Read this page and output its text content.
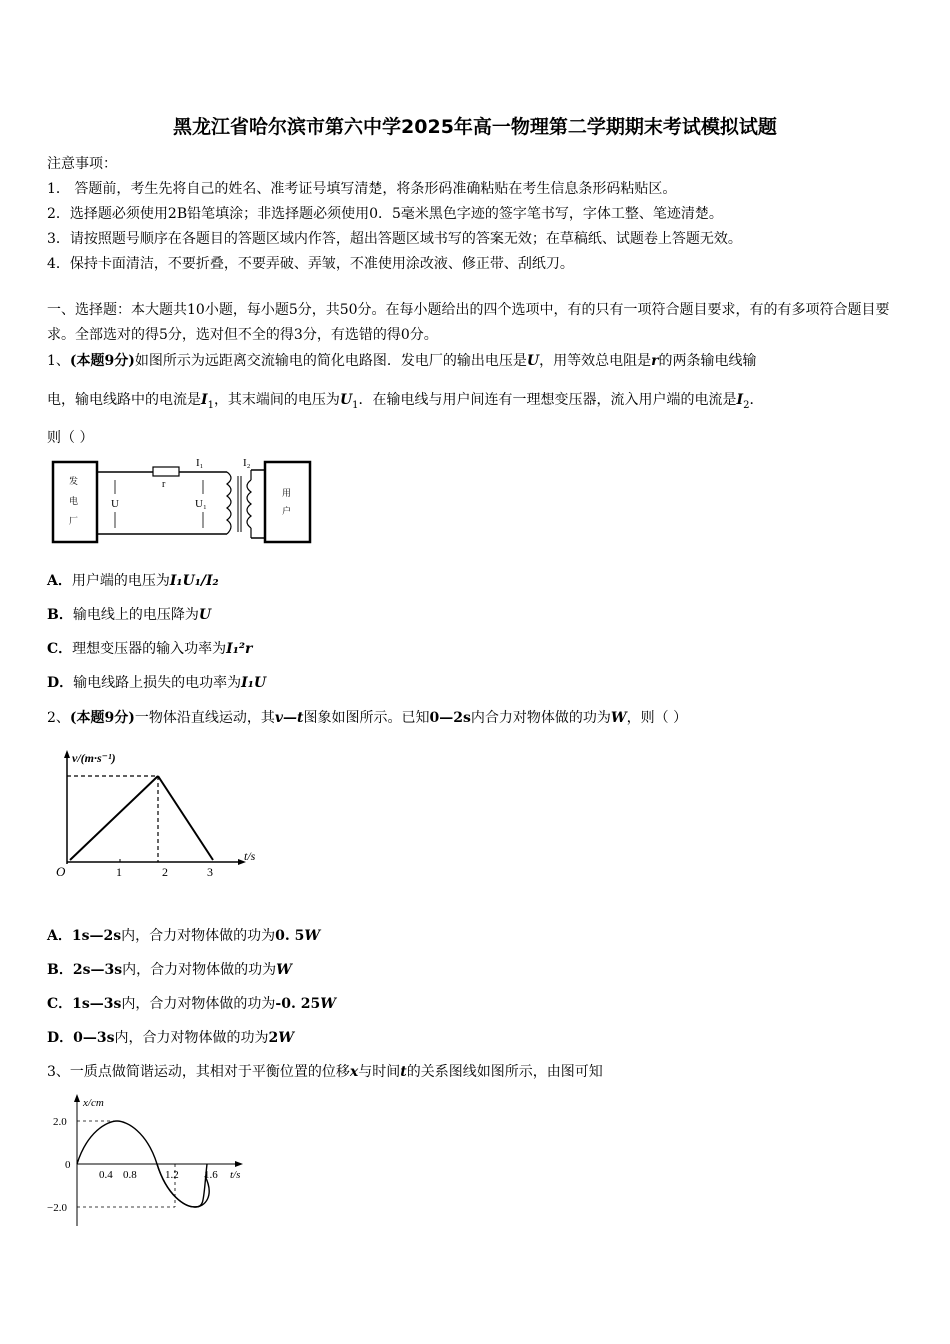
黑龙江省哈尔滨市第六中学2025年高一物理第二学期期末考试模拟试题
注意事项：
1． 答题前，考生先将自己的姓名、准考证号填写清楚，将条形码准确粘贴在考生信息条形码粘贴区。
2．选择题必须使用2B铅笔填涂；非选择题必须使用0．5毫米黑色字迹的签字笔书写，字体工整、笔迹清楚。
3．请按照题号顺序在各题目的答题区域内作答，超出答题区域书写的答案无效；在草稿纸、试题卷上答题无效。
4．保持卡面清洁，不要折叠，不要弄破、弄皱，不准使用涂改液、修正带、刮纸刀。
一、选择题：本大题共10小题，每小题5分，共50分。在每小题给出的四个选项中，有的只有一项符合题目要求，有的有多项符合题目要求。全部选对的得5分，选对但不全的得3分，有选错的得0分。
1、(本题9分)如图所示为远距离交流输电的简化电路图．发电厂的输出电压是U，用等效总电阻是r的两条输电线输
电，输电线路中的电流是$I_1$，其末端间的电压为$U_1$．在输电线与用户间连有一理想变压器，流入用户端的电流是$I_2$．
则（ ）
发
电
厂
r
I₁	I₂
用
户
U	U₁
A．用户端的电压为I₁U₁/I₂
B．输电线上的电压降为U
C．理想变压器的输入功率为I₁²r
D．输电线路上损失的电功率为I₁U
2、(本题9分)一物体沿直线运动，其v—t图象如图所示。已知0—2s内合力对物体做的功为W，则（ ）
v/(m·s⁻¹)
t/s
O	1	2	3
A．1s—2s内，合力对物体做的功为0. 5W
B．2s—3s内，合力对物体做的功为W
C．1s—3s内，合力对物体做的功为-0. 25W
D．0—3s内，合力对物体做的功为2W
3、一质点做简谐运动，其相对于平衡位置的位移x与时间t的关系图线如图所示，由图可知
x/cm
t/s
2.0
0
−2.0
0.4 0.8	1.2 1.6
